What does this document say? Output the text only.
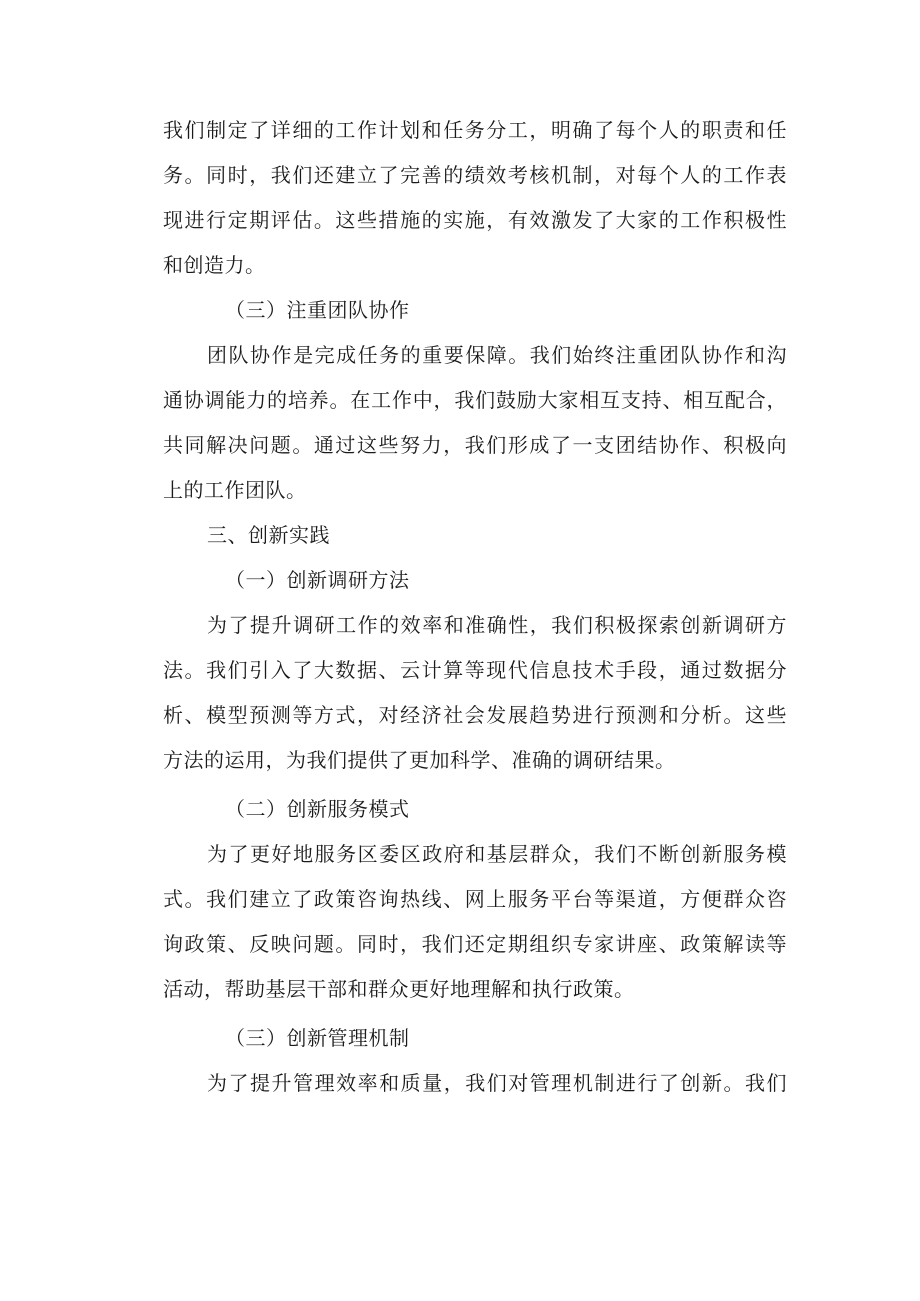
我们制定了详细的工作计划和任务分工，明确了每个人的职责和任
务。同时，我们还建立了完善的绩效考核机制，对每个人的工作表
现进行定期评估。这些措施的实施，有效激发了大家的工作积极性
和创造力。
（三）注重团队协作
团队协作是完成任务的重要保障。我们始终注重团队协作和沟
通协调能力的培养。在工作中，我们鼓励大家相互支持、相互配合，
共同解决问题。通过这些努力，我们形成了一支团结协作、积极向
上的工作团队。
三、创新实践
（一）创新调研方法
为了提升调研工作的效率和准确性，我们积极探索创新调研方
法。我们引入了大数据、云计算等现代信息技术手段，通过数据分
析、模型预测等方式，对经济社会发展趋势进行预测和分析。这些
方法的运用，为我们提供了更加科学、准确的调研结果。
（二）创新服务模式
为了更好地服务区委区政府和基层群众，我们不断创新服务模
式。我们建立了政策咨询热线、网上服务平台等渠道，方便群众咨
询政策、反映问题。同时，我们还定期组织专家讲座、政策解读等
活动，帮助基层干部和群众更好地理解和执行政策。
（三）创新管理机制
为了提升管理效率和质量，我们对管理机制进行了创新。我们
